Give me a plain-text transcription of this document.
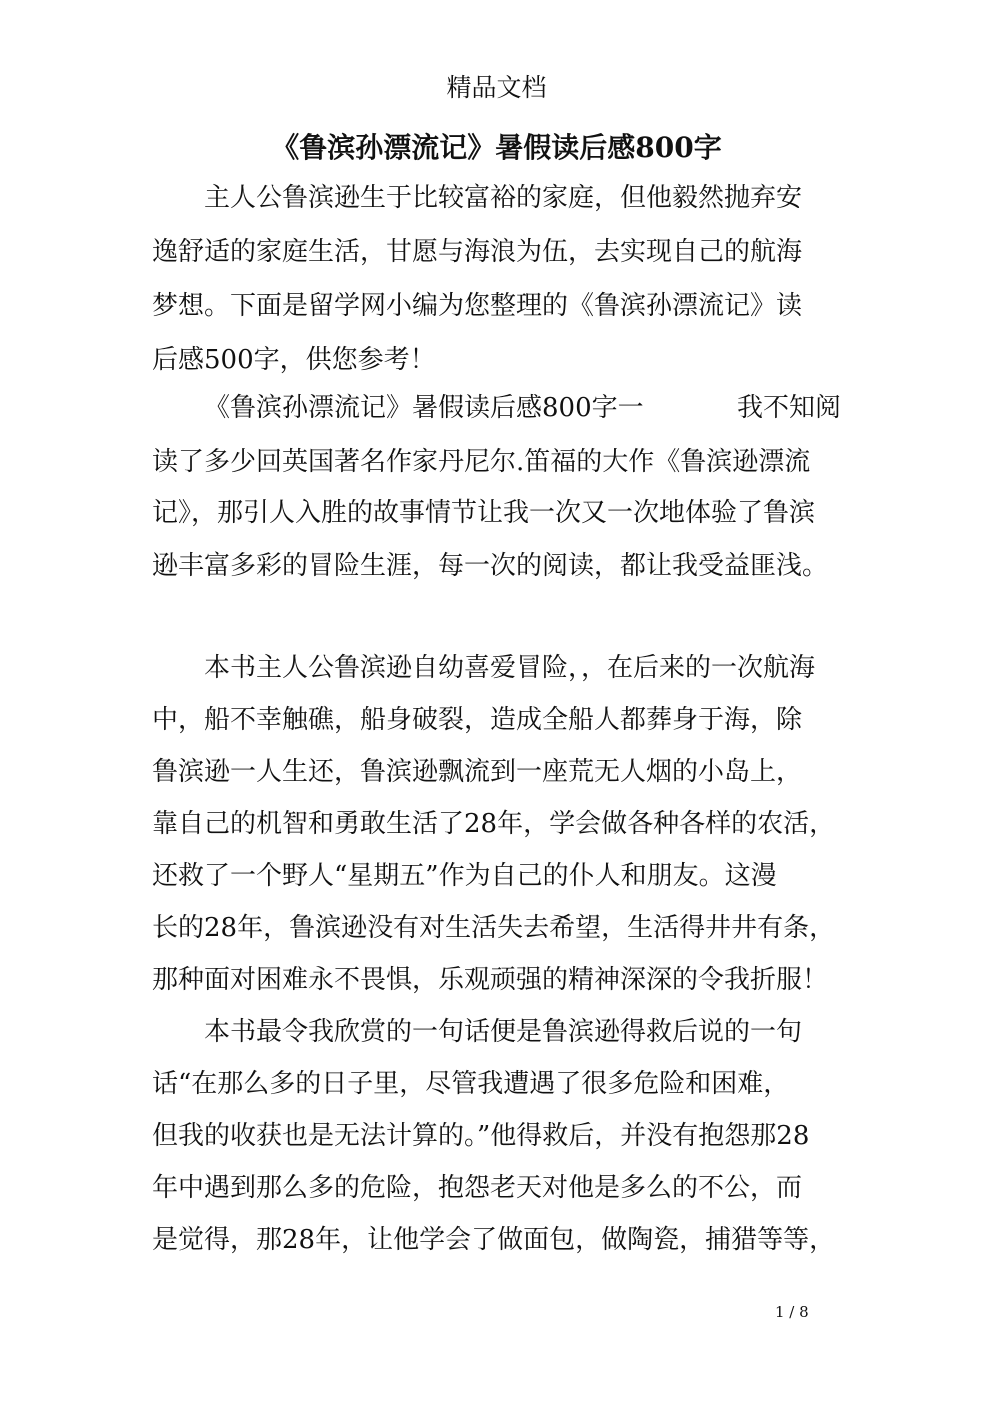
精品文档
《鲁滨孙漂流记》暑假读后感800字
主人公鲁滨逊生于比较富裕的家庭，但他毅然抛弃安
逸舒适的家庭生活，甘愿与海浪为伍，去实现自己的航海
梦想。下面是留学网小编为您整理的《鲁滨孙漂流记》读
后感500字，供您参考！
《鲁滨孙漂流记》暑假读后感800字一	我不知阅
读了多少回英国著名作家丹尼尔.笛福的大作《鲁滨逊漂流
记》，那引人入胜的故事情节让我一次又一次地体验了鲁滨
逊丰富多彩的冒险生涯，每一次的阅读，都让我受益匪浅。
本书主人公鲁滨逊自幼喜爱冒险，，在后来的一次航海
中，船不幸触礁，船身破裂，造成全船人都葬身于海，除
鲁滨逊一人生还，鲁滨逊飘流到一座荒无人烟的小岛上，
靠自己的机智和勇敢生活了28年，学会做各种各样的农活，
还救了一个野人“星期五”作为自己的仆人和朋友。这漫
长的28年，鲁滨逊没有对生活失去希望，生活得井井有条，
那种面对困难永不畏惧，乐观顽强的精神深深的令我折服！
本书最令我欣赏的一句话便是鲁滨逊得救后说的一句
话“在那么多的日子里，尽管我遭遇了很多危险和困难，
但我的收获也是无法计算的。”他得救后，并没有抱怨那28
年中遇到那么多的危险，抱怨老天对他是多么的不公，而
是觉得，那28年，让他学会了做面包，做陶瓷，捕猎等等，
1 / 8
